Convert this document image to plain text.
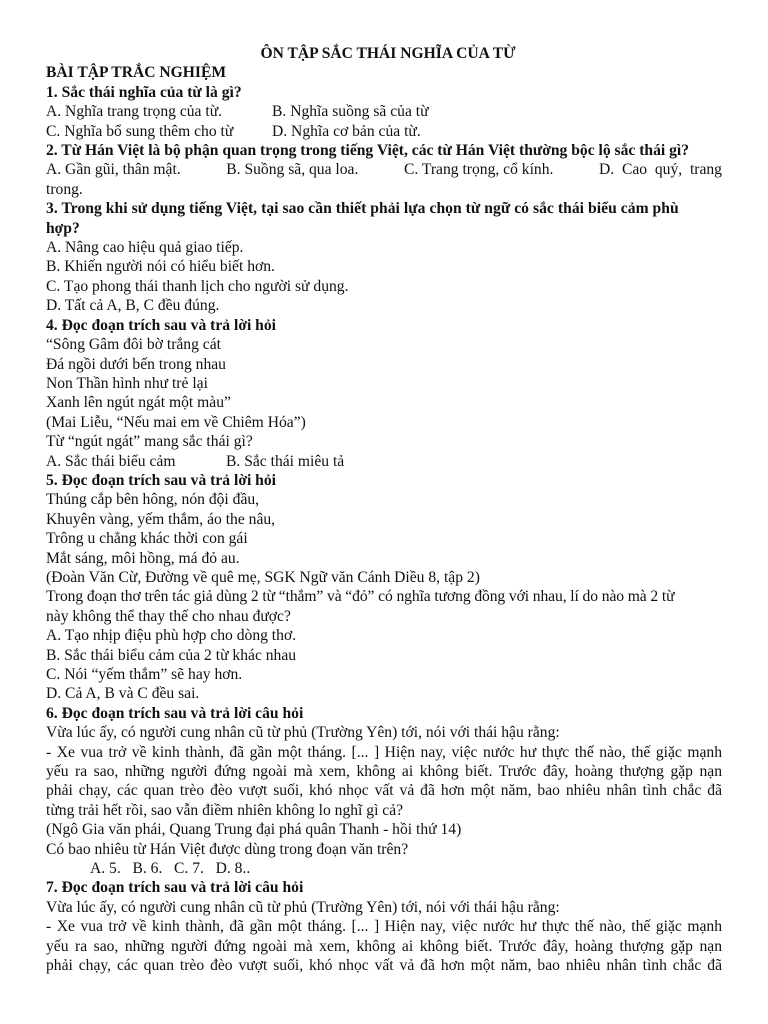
ÔN TẬP SẮC THÁI NGHĨA CỦA TỪ
BÀI TẬP TRẮC NGHIỆM
1. Sắc thái nghĩa của từ là gì?
A. Nghĩa trang trọng của từ.	B. Nghĩa suồng sã của từ
C. Nghĩa bổ sung thêm cho từ	D. Nghĩa cơ bản của từ.
2. Từ Hán Việt là bộ phận quan trọng trong tiếng Việt, các từ Hán Việt thường bộc lộ sắc thái gì?
A. Gần gũi, thân mật.	B. Suồng sã, qua loa.	C. Trang trọng, cổ kính.	D.  Cao  quý,  trang
trong.
3. Trong khi sử dụng tiếng Việt, tại sao cần thiết phải lựa chọn từ ngữ có sắc thái biểu cảm phù
hợp?
A. Nâng cao hiệu quả giao tiếp.
B. Khiến người nói có hiểu biết hơn.
C. Tạo phong thái thanh lịch cho người sử dụng.
D. Tất cả A, B, C đều đúng.
4. Đọc đoạn trích sau và trả lời hỏi
“Sông Gâm đôi bờ trắng cát
Đá ngồi dưới bến trong nhau
Non Thần hình như trẻ lại
Xanh lên ngút ngát một màu”
(Mai Liễu, “Nếu mai em về Chiêm Hóa”)
Từ “ngút ngát” mang sắc thái gì?
A. Sắc thái biểu cảm	B. Sắc thái miêu tả
5. Đọc đoạn trích sau và trả lời hỏi
Thúng cắp bên hông, nón đội đầu,
Khuyên vàng, yếm thắm, áo the nâu,
Trông u chẳng khác thời con gái
Mắt sáng, môi hồng, má đỏ au.
(Đoàn Văn Cừ, Đường về quê mẹ, SGK Ngữ văn Cánh Diều 8, tập 2)
Trong đoạn thơ trên tác giả dùng 2 từ “thắm” và “đỏ” có nghĩa tương đồng với nhau, lí do nào mà 2 từ
này không thể thay thế cho nhau được?
A. Tạo nhịp điệu phù hợp cho dòng thơ.
B. Sắc thái biểu cảm của 2 từ khác nhau
C. Nói “yếm thắm” sẽ hay hơn.
D. Cả A, B và C đều sai.
6. Đọc đoạn trích sau và trả lời câu hỏi
Vừa lúc ấy, có người cung nhân cũ từ phủ (Trường Yên) tới, nói với thái hậu rằng:
- Xe vua trở về kinh thành, đã gần một tháng. [... ] Hiện nay, việc nước hư thực thế nào, thế giặc mạnh
yếu ra sao, những người đứng ngoài mà xem, không ai không biết. Trước đây, hoàng thượng gặp nạn
phải chạy, các quan trèo đèo vượt suối, khó nhọc vất vả đã hơn một năm, bao nhiêu nhân tình chắc đã
từng trải hết rồi, sao vẫn điềm nhiên không lo nghĩ gì cả?
(Ngô Gia văn phái, Quang Trung đại phá quân Thanh - hồi thứ 14)
Có bao nhiêu từ Hán Việt được dùng trong đoạn văn trên?
A. 5.   B. 6.   C. 7.   D. 8..
7. Đọc đoạn trích sau và trả lời câu hỏi
Vừa lúc ấy, có người cung nhân cũ từ phủ (Trường Yên) tới, nói với thái hậu rằng:
- Xe vua trở về kinh thành, đã gần một tháng. [... ] Hiện nay, việc nước hư thực thế nào, thế giặc mạnh
yếu ra sao, những người đứng ngoài mà xem, không ai không biết. Trước đây, hoàng thượng gặp nạn
phải chạy, các quan trèo đèo vượt suối, khó nhọc vất vả đã hơn một năm, bao nhiêu nhân tình chắc đã
